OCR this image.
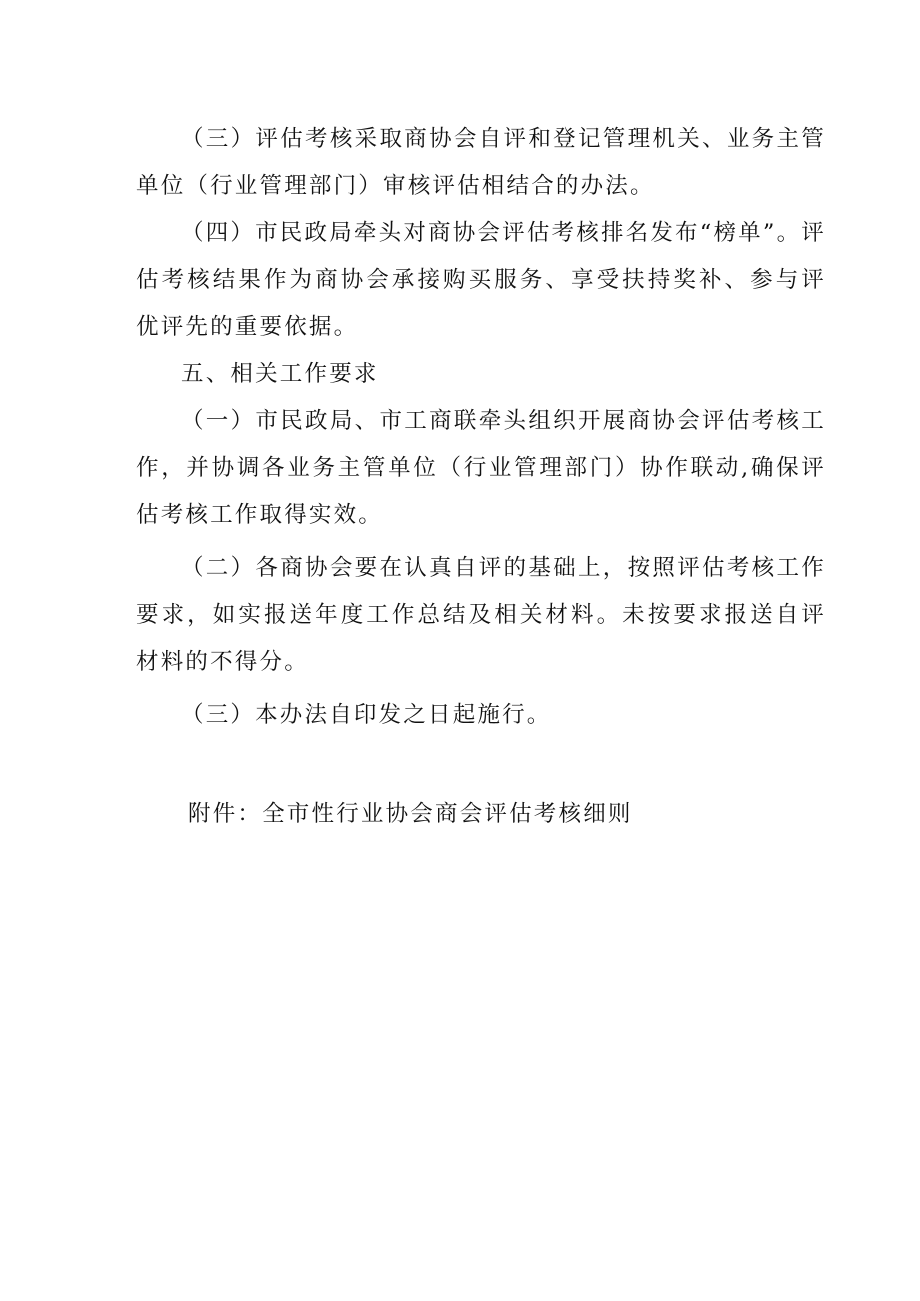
（三）评估考核采取商协会自评和登记管理机关、业务主管单位（行业管理部门）审核评估相结合的办法。

（四）市民政局牵头对商协会评估考核排名发布“榜单”。评估考核结果作为商协会承接购买服务、享受扶持奖补、参与评优评先的重要依据。

五、相关工作要求

（一）市民政局、市工商联牵头组织开展商协会评估考核工作，并协调各业务主管单位（行业管理部门）协作联动,确保评估考核工作取得实效。

（二）各商协会要在认真自评的基础上，按照评估考核工作要求，如实报送年度工作总结及相关材料。未按要求报送自评材料的不得分。

（三）本办法自印发之日起施行。

附件：全市性行业协会商会评估考核细则
